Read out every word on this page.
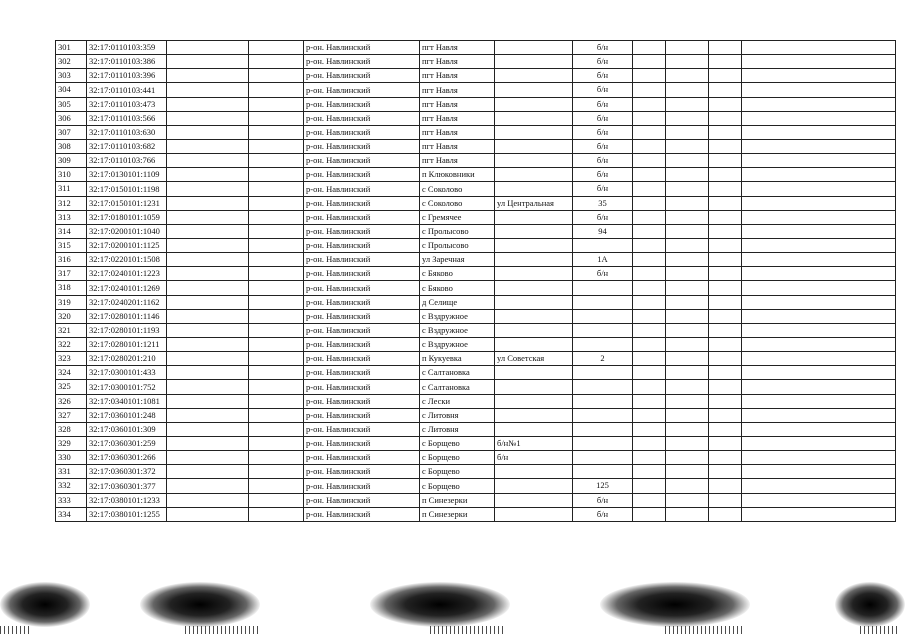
301	32:17:0110103:359			р-он. Навлинский	пгт Навля		б/н				
302	32:17:0110103:386			р-он. Навлинский	пгт Навля		б/н				
303	32:17:0110103:396			р-он. Навлинский	пгт Навля		б/н				
304	32:17:0110103:441			р-он. Навлинский	пгт Навля		б/н				
305	32:17:0110103:473			р-он. Навлинский	пгт Навля		б/н				
306	32:17:0110103:566			р-он. Навлинский	пгт Навля		б/н				
307	32:17:0110103:630			р-он. Навлинский	пгт Навля		б/н				
308	32:17:0110103:682			р-он. Навлинский	пгт Навля		б/н				
309	32:17:0110103:766			р-он. Навлинский	пгт Навля		б/н				
310	32:17:0130101:1109			р-он. Навлинский	п Клюковники		б/н				
311	32:17:0150101:1198			р-он. Навлинский	с Соколово		б/н				
312	32:17:0150101:1231			р-он. Навлинский	с Соколово	ул Центральная	35				
313	32:17:0180101:1059			р-он. Навлинский	с Гремячее		б/н				
314	32:17:0200101:1040			р-он. Навлинский	с Пролысово		94				
315	32:17:0200101:1125			р-он. Навлинский	с Пролысово						
316	32:17:0220101:1508			р-он. Навлинский	ул Заречная		1А				
317	32:17:0240101:1223			р-он. Навлинский	с Бяково		б/н				
318	32:17:0240101:1269			р-он. Навлинский	с Бяково						
319	32:17:0240201:1162			р-он. Навлинский	д Селище						
320	32:17:0280101:1146			р-он. Навлинский	с Вздружное						
321	32:17:0280101:1193			р-он. Навлинский	с Вздружное						
322	32:17:0280101:1211			р-он. Навлинский	с Вздружное						
323	32:17:0280201:210			р-он. Навлинский	п Кукуевка	ул Советская	2				
324	32:17:0300101:433			р-он. Навлинский	с Салтановка						
325	32:17:0300101:752			р-он. Навлинский	с Салтановка						
326	32:17:0340101:1081			р-он. Навлинский	с Лески						
327	32:17:0360101:248			р-он. Навлинский	с Литовня						
328	32:17:0360101:309			р-он. Навлинский	с Литовня						
329	32:17:0360301:259			р-он. Навлинский	с Борщево	б/н№1					
330	32:17:0360301:266			р-он. Навлинский	с Борщево	б/н					
331	32:17:0360301:372			р-он. Навлинский	с Борщево						
332	32:17:0360301:377			р-он. Навлинский	с Борщево		125				
333	32:17:0380101:1233			р-он. Навлинский	п Синезерки		б/н				
334	32:17:0380101:1255			р-он. Навлинский	п Синезерки		б/н				
